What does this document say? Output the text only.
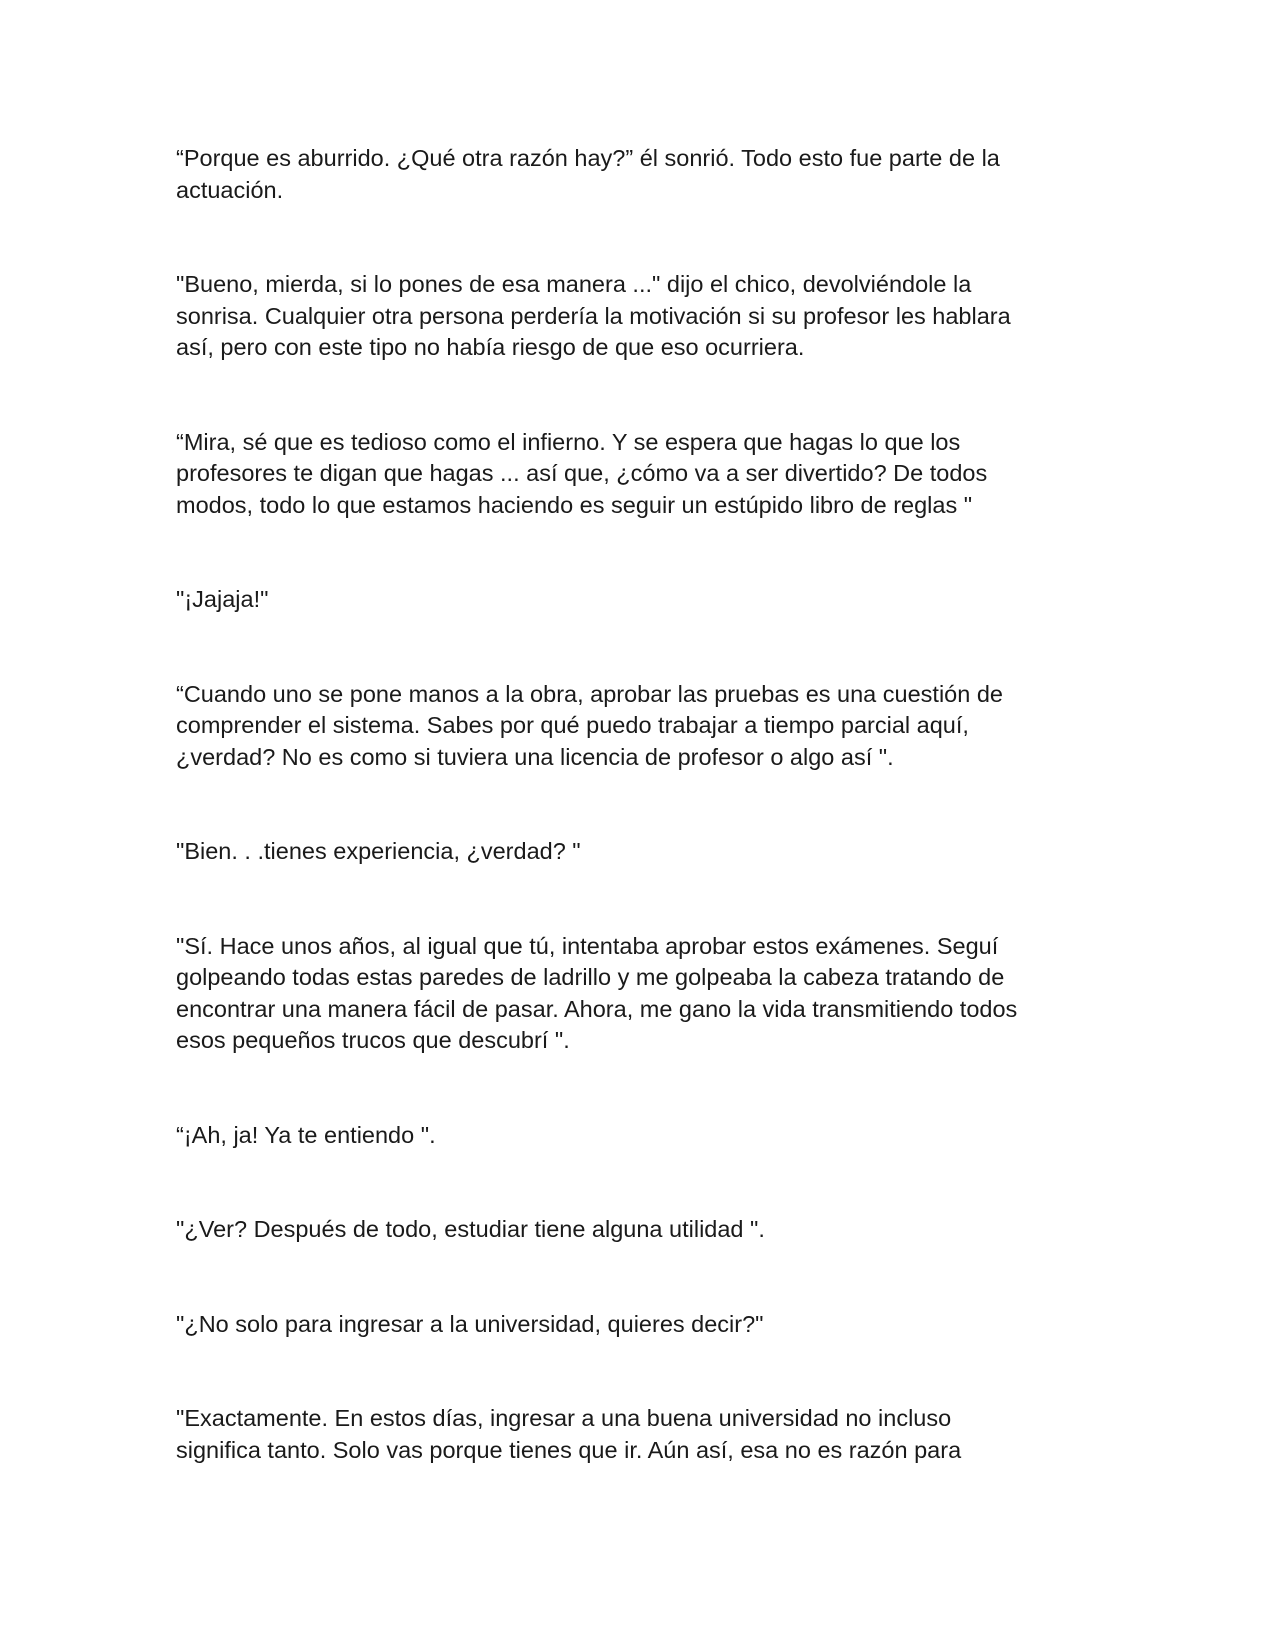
“Porque es aburrido. ¿Qué otra razón hay?” él sonrió. Todo esto fue parte de la
actuación.

"Bueno, mierda, si lo pones de esa manera ..." dijo el chico, devolviéndole la
sonrisa. Cualquier otra persona perdería la motivación si su profesor les hablara
así, pero con este tipo no había riesgo de que eso ocurriera.

“Mira, sé que es tedioso como el infierno. Y se espera que hagas lo que los
profesores te digan que hagas ... así que, ¿cómo va a ser divertido? De todos
modos, todo lo que estamos haciendo es seguir un estúpido libro de reglas "

"¡Jajaja!"

“Cuando uno se pone manos a la obra, aprobar las pruebas es una cuestión de
comprender el sistema. Sabes por qué puedo trabajar a tiempo parcial aquí,
¿verdad? No es como si tuviera una licencia de profesor o algo así ".

"Bien. . .tienes experiencia, ¿verdad? "

"Sí. Hace unos años, al igual que tú, intentaba aprobar estos exámenes. Seguí
golpeando todas estas paredes de ladrillo y me golpeaba la cabeza tratando de
encontrar una manera fácil de pasar. Ahora, me gano la vida transmitiendo todos
esos pequeños trucos que descubrí ".

“¡Ah, ja! Ya te entiendo ".

"¿Ver? Después de todo, estudiar tiene alguna utilidad ".

"¿No solo para ingresar a la universidad, quieres decir?"

"Exactamente. En estos días, ingresar a una buena universidad no incluso
significa tanto. Solo vas porque tienes que ir. Aún así, esa no es razón para
